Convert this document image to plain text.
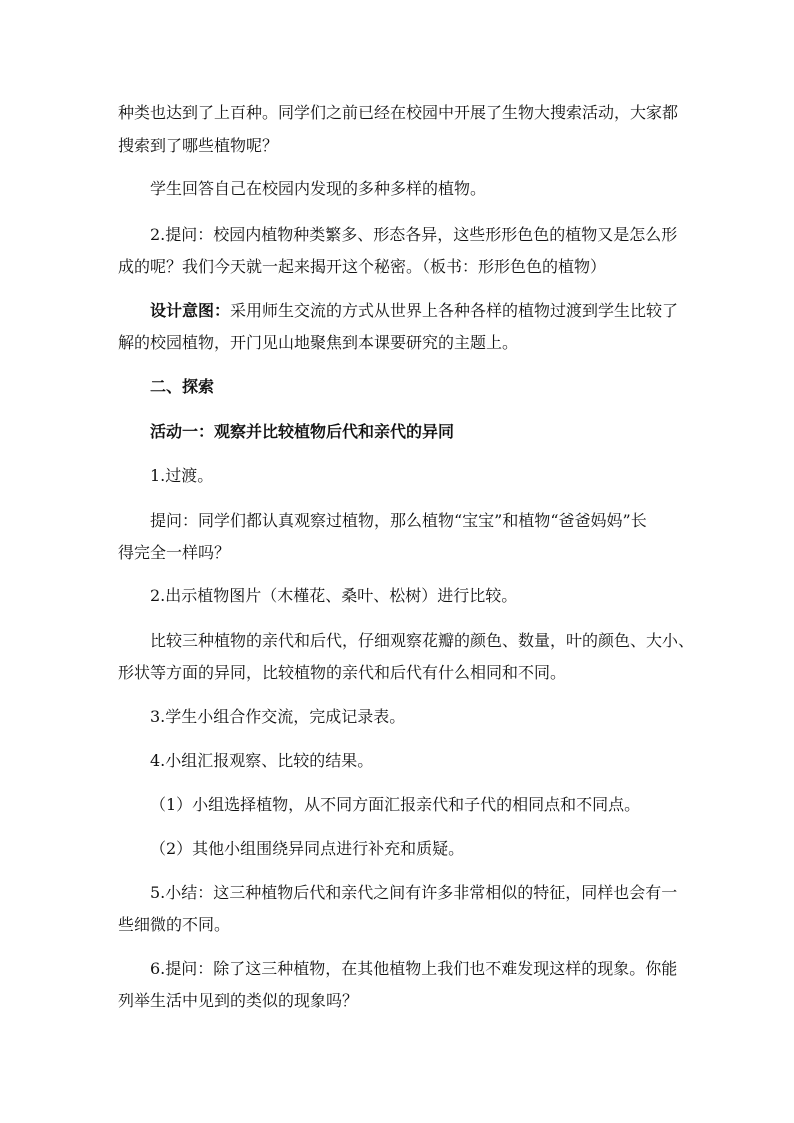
种类也达到了上百种。同学们之前已经在校园中开展了生物大搜索活动，大家都

搜索到了哪些植物呢？

学生回答自己在校园内发现的多种多样的植物。

2.提问：校园内植物种类繁多、形态各异，这些形形色色的植物又是怎么形

成的呢？我们今天就一起来揭开这个秘密。（板书：形形色色的植物）

设计意图：采用师生交流的方式从世界上各种各样的植物过渡到学生比较了

解的校园植物，开门见山地聚焦到本课要研究的主题上。

二、探索

活动一：观察并比较植物后代和亲代的异同

1.过渡。

提问：同学们都认真观察过植物，那么植物“宝宝”和植物“爸爸妈妈”长

得完全一样吗？

2.出示植物图片（木槿花、桑叶、松树）进行比较。

比较三种植物的亲代和后代，仔细观察花瓣的颜色、数量，叶的颜色、大小、

形状等方面的异同，比较植物的亲代和后代有什么相同和不同。

3.学生小组合作交流，完成记录表。

4.小组汇报观察、比较的结果。

（1）小组选择植物，从不同方面汇报亲代和子代的相同点和不同点。

（2）其他小组围绕异同点进行补充和质疑。

5.小结：这三种植物后代和亲代之间有许多非常相似的特征，同样也会有一

些细微的不同。

6.提问：除了这三种植物，在其他植物上我们也不难发现这样的现象。你能

列举生活中见到的类似的现象吗？
